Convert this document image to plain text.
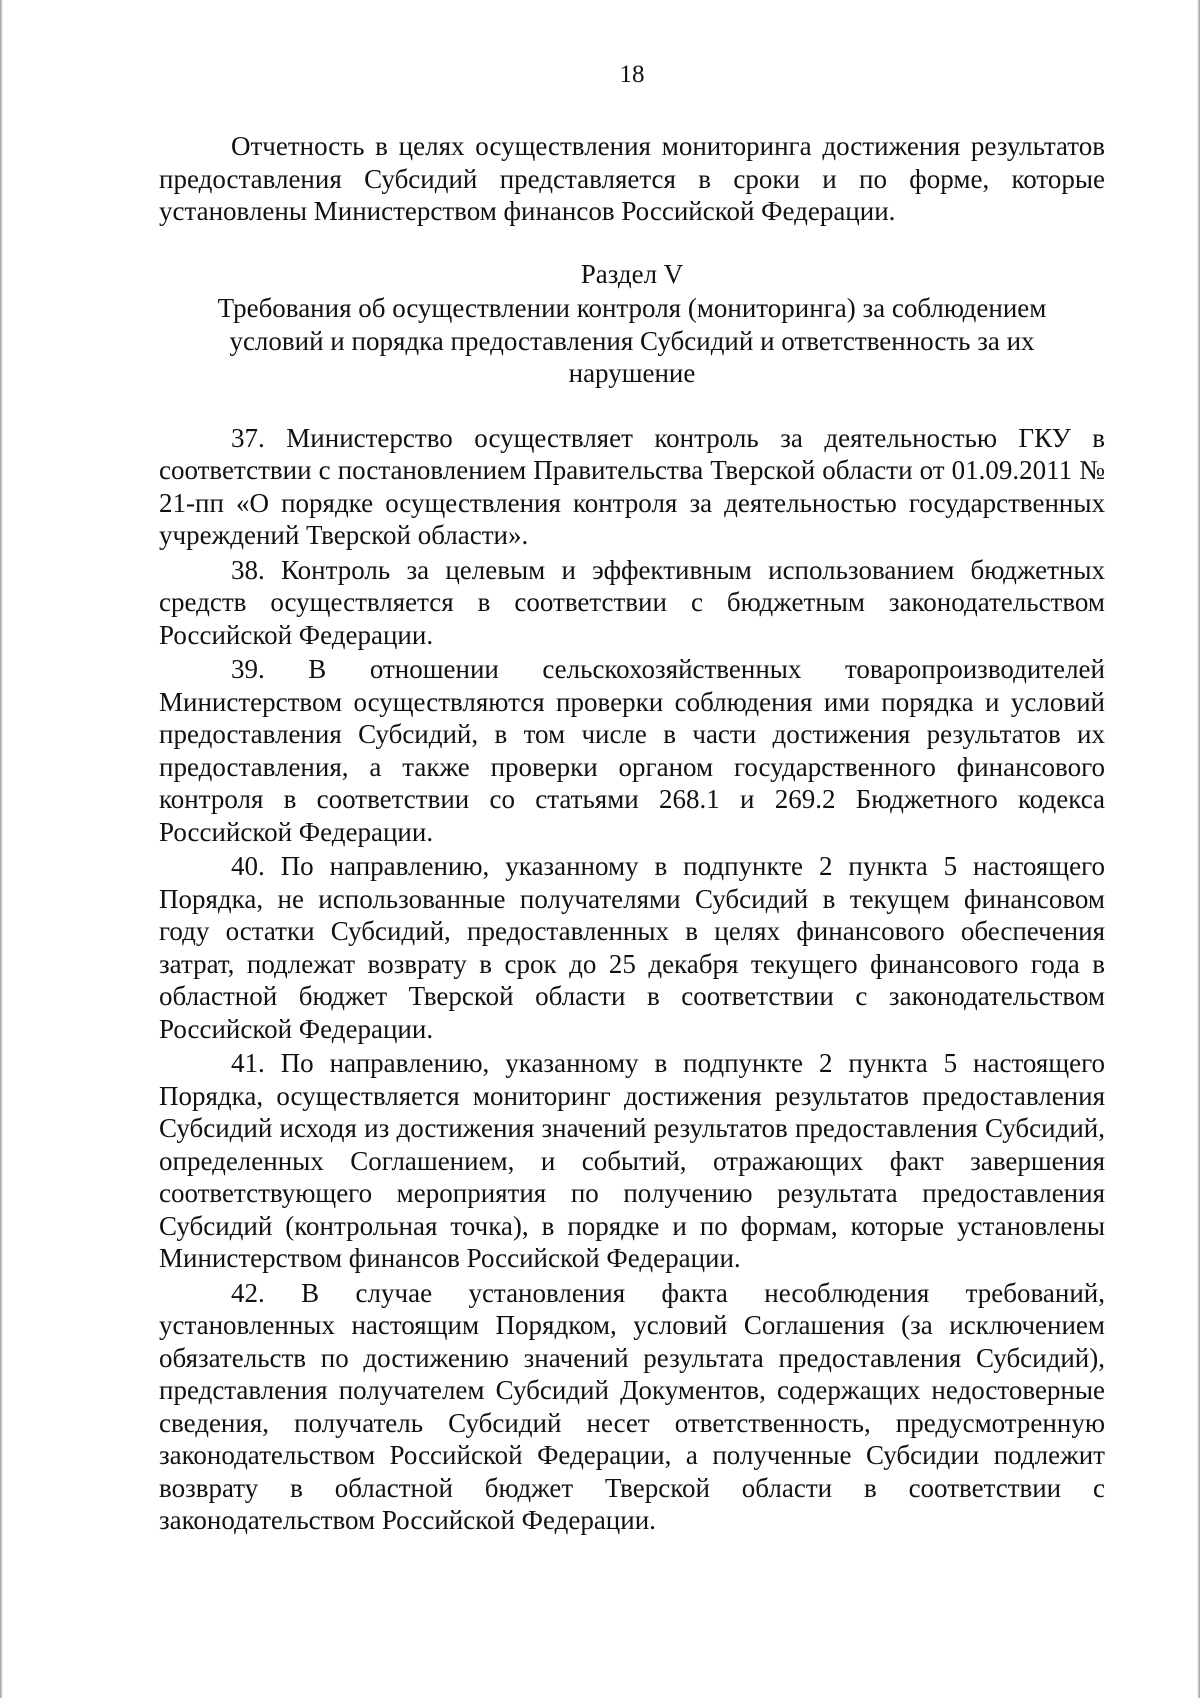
18

Отчетность в целях осуществления мониторинга достижения результатов предоставления Субсидий представляется в сроки и по форме, которые установлены Министерством финансов Российской Федерации.

Раздел V
Требования об осуществлении контроля (мониторинга) за соблюдением условий и порядка предоставления Субсидий и ответственность за их нарушение

37. Министерство осуществляет контроль за деятельностью ГКУ в соответствии с постановлением Правительства Тверской области от 01.09.2011 № 21-пп «О порядке осуществления контроля за деятельностью государственных учреждений Тверской области».

38. Контроль за целевым и эффективным использованием бюджетных средств осуществляется в соответствии с бюджетным законодательством Российской Федерации.

39. В отношении сельскохозяйственных товаропроизводителей Министерством осуществляются проверки соблюдения ими порядка и условий предоставления Субсидий, в том числе в части достижения результатов их предоставления, а также проверки органом государственного финансового контроля в соответствии со статьями 268.1 и 269.2 Бюджетного кодекса Российской Федерации.

40. По направлению, указанному в подпункте 2 пункта 5 настоящего Порядка, не использованные получателями Субсидий в текущем финансовом году остатки Субсидий, предоставленных в целях финансового обеспечения затрат, подлежат возврату в срок до 25 декабря текущего финансового года в областной бюджет Тверской области в соответствии с законодательством Российской Федерации.

41. По направлению, указанному в подпункте 2 пункта 5 настоящего Порядка, осуществляется мониторинг достижения результатов предоставления Субсидий исходя из достижения значений результатов предоставления Субсидий, определенных Соглашением, и событий, отражающих факт завершения соответствующего мероприятия по получению результата предоставления Субсидий (контрольная точка), в порядке и по формам, которые установлены Министерством финансов Российской Федерации.

42. В случае установления факта несоблюдения требований, установленных настоящим Порядком, условий Соглашения (за исключением обязательств по достижению значений результата предоставления Субсидий), представления получателем Субсидий Документов, содержащих недостоверные сведения, получатель Субсидий несет ответственность, предусмотренную законодательством Российской Федерации, а полученные Субсидии подлежит возврату в областной бюджет Тверской области в соответствии с законодательством Российской Федерации.
